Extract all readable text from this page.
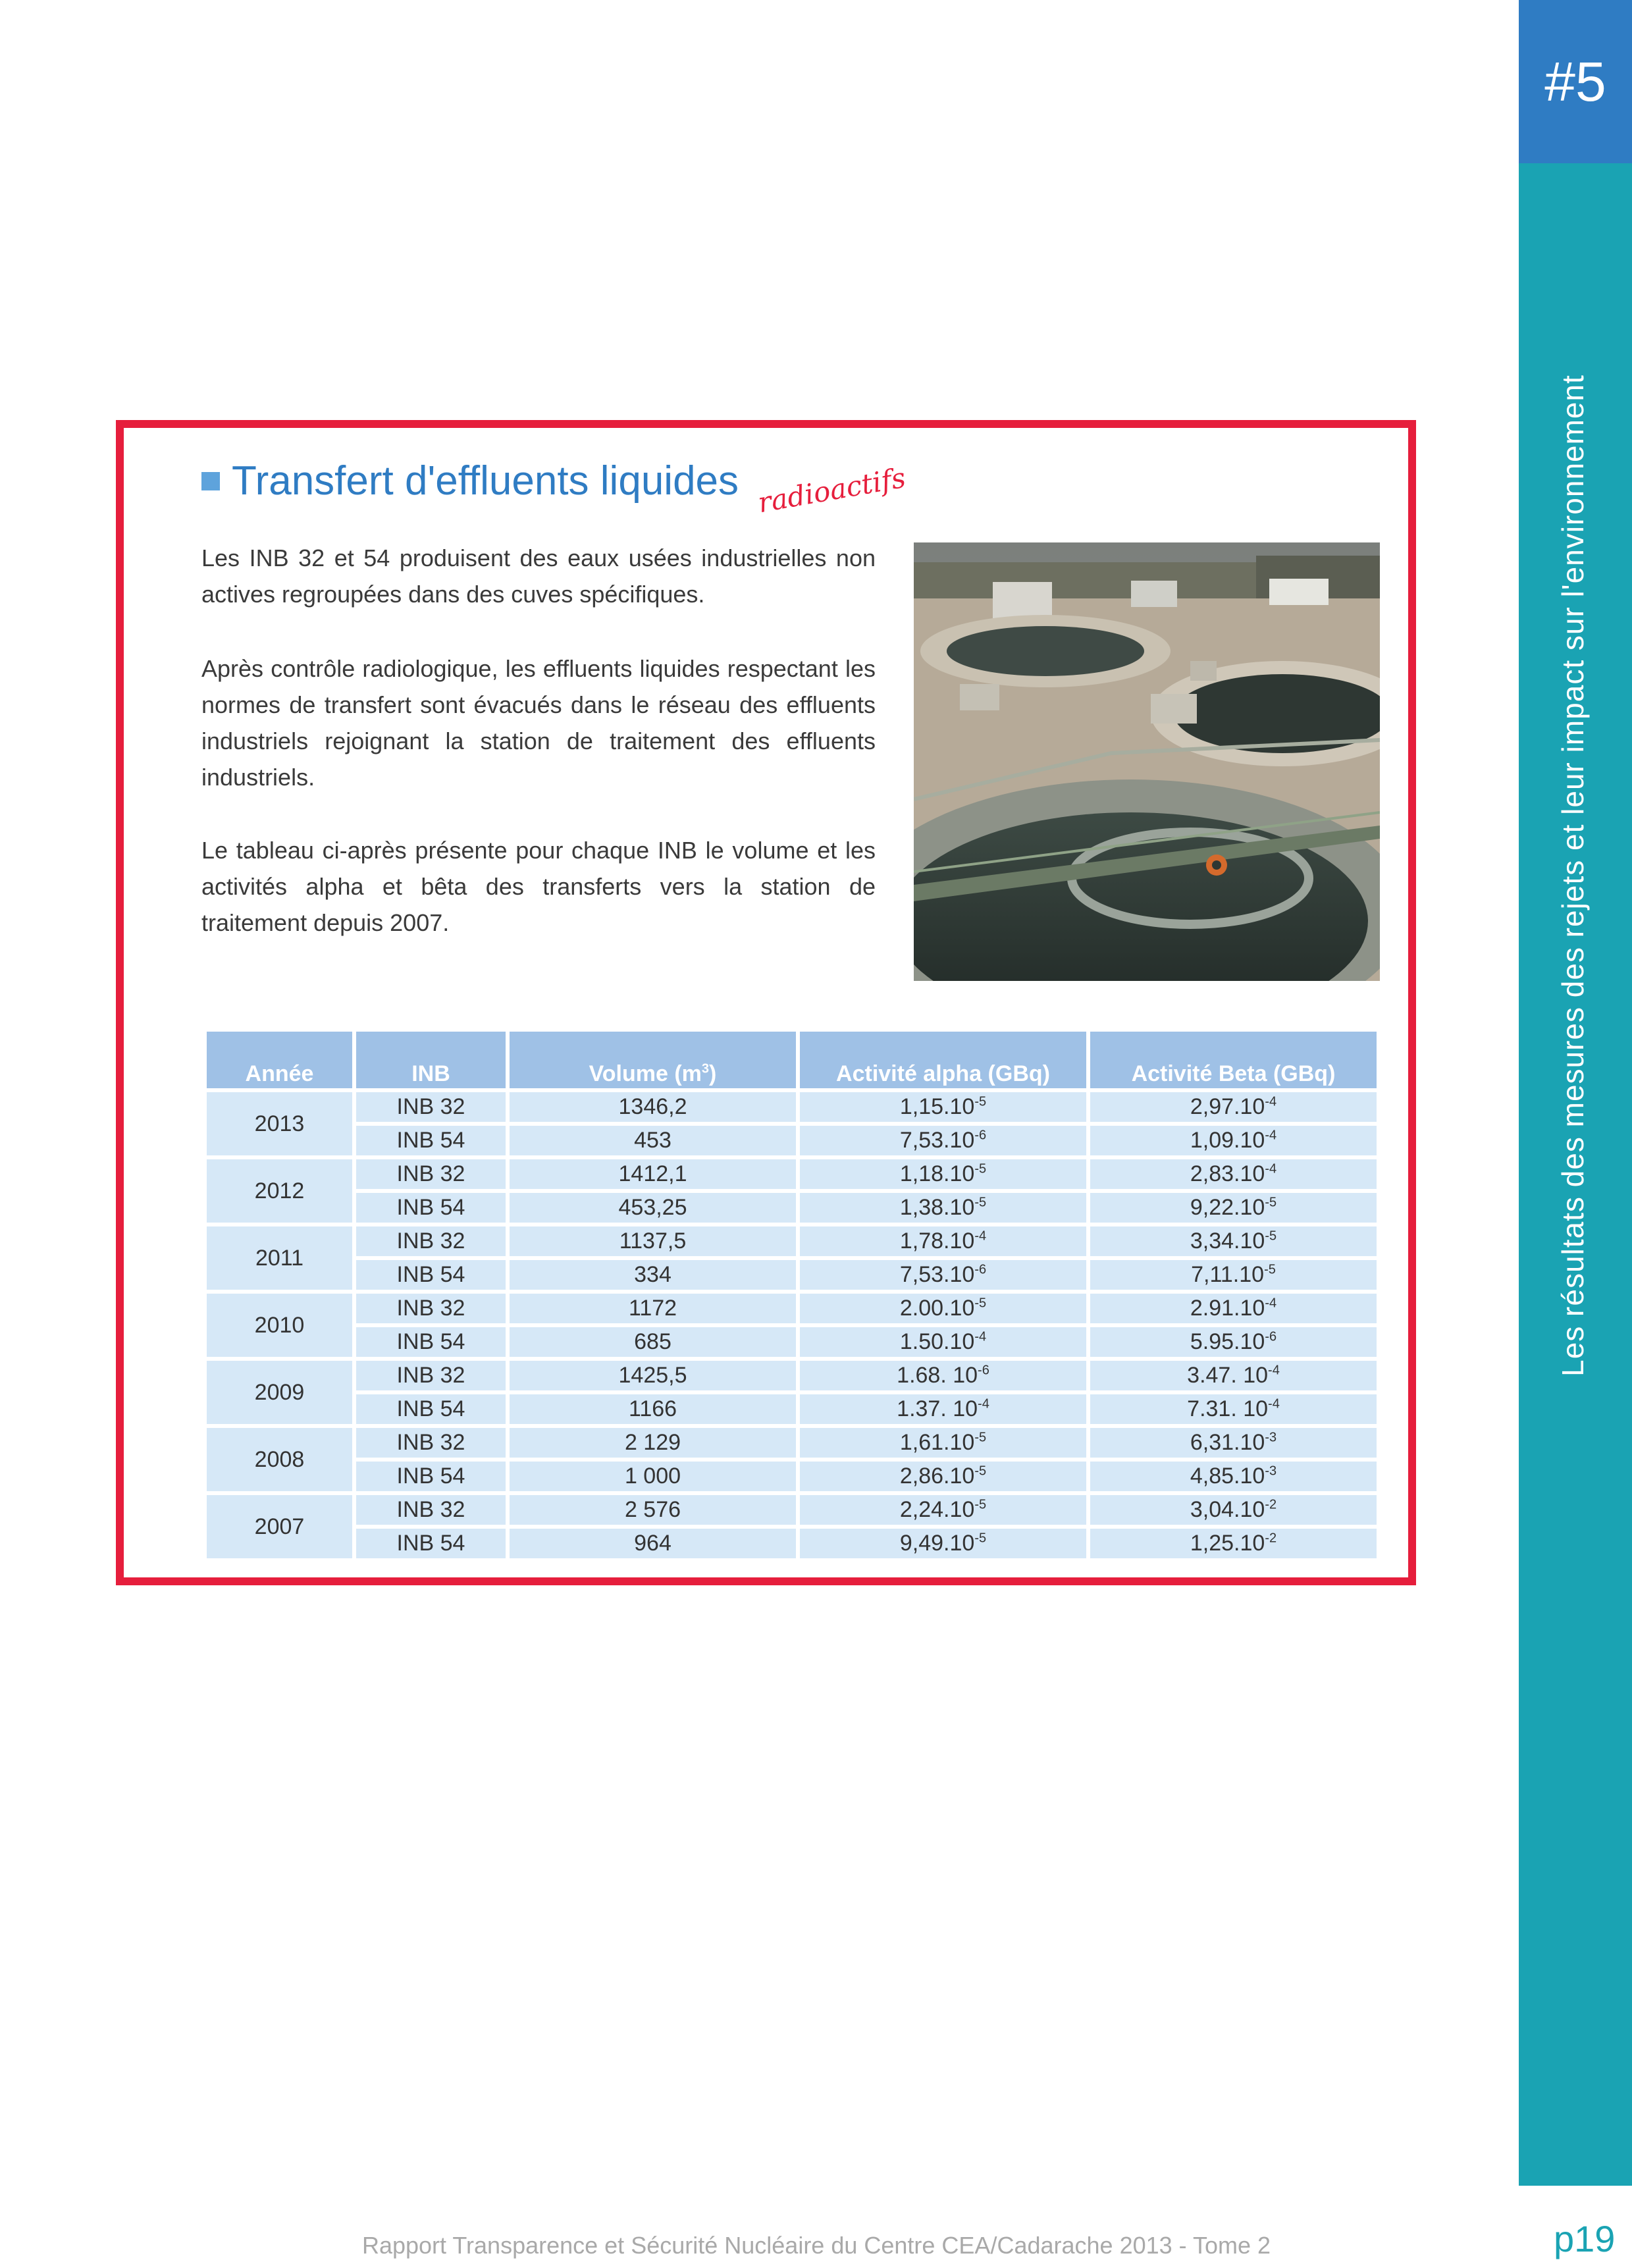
#5
Les résultats des mesures des rejets et leur impact sur l'environnement
p19
Transfert d'effluents liquides radioactifs

Les INB 32 et 54 produisent des eaux usées industrielles non actives regroupées dans des cuves spécifiques.

Après contrôle radiologique, les effluents liquides respectant les normes de transfert sont évacués dans le réseau des effluents industriels rejoignant la station de traitement des effluents industriels.

Le tableau ci-après présente pour chaque INB le volume et les activités alpha et bêta des transferts vers la station de traitement depuis 2007.

Année	INB	Volume $(m^3)$	Activité alpha (GBq)	Activité Beta (GBq)
2013	INB 32	1346,2	$1,15.10^{-5}$	$2,97.10^{-4}$
	INB 54	453	$7,53.10^{-6}$	$1,09.10^{-4}$
2012	INB 32	1412,1	$1,18.10^{-5}$	$2,83.10^{-4}$
	INB 54	453,25	$1,38.10^{-5}$	$9,22.10^{-5}$
2011	INB 32	1137,5	$1,78.10^{-4}$	$3,34.10^{-5}$
	INB 54	334	$7,53.10^{-6}$	$7,11.10^{-5}$
2010	INB 32	1172	$2.00.10^{-5}$	$2.91.10^{-4}$
	INB 54	685	$1.50.10^{-4}$	$5.95.10^{-6}$
2009	INB 32	1425,5	1.68. $10^{-6}$	3.47. $10^{-4}$
	INB 54	1166	1.37. $10^{-4}$	7.31. $10^{-4}$
2008	INB 32	2 129	$1,61.10^{-5}$	$6,31.10^{-3}$
	INB 54	1 000	$2,86.10^{-5}$	$4,85.10^{-3}$
2007	INB 32	2 576	$2,24.10^{-5}$	$3,04.10^{-2}$
	INB 54	964	$9,49.10^{-5}$	$1,25.10^{-2}$
Rapport Transparence et Sécurité Nucléaire du Centre CEA/Cadarache 2013 - Tome 2
